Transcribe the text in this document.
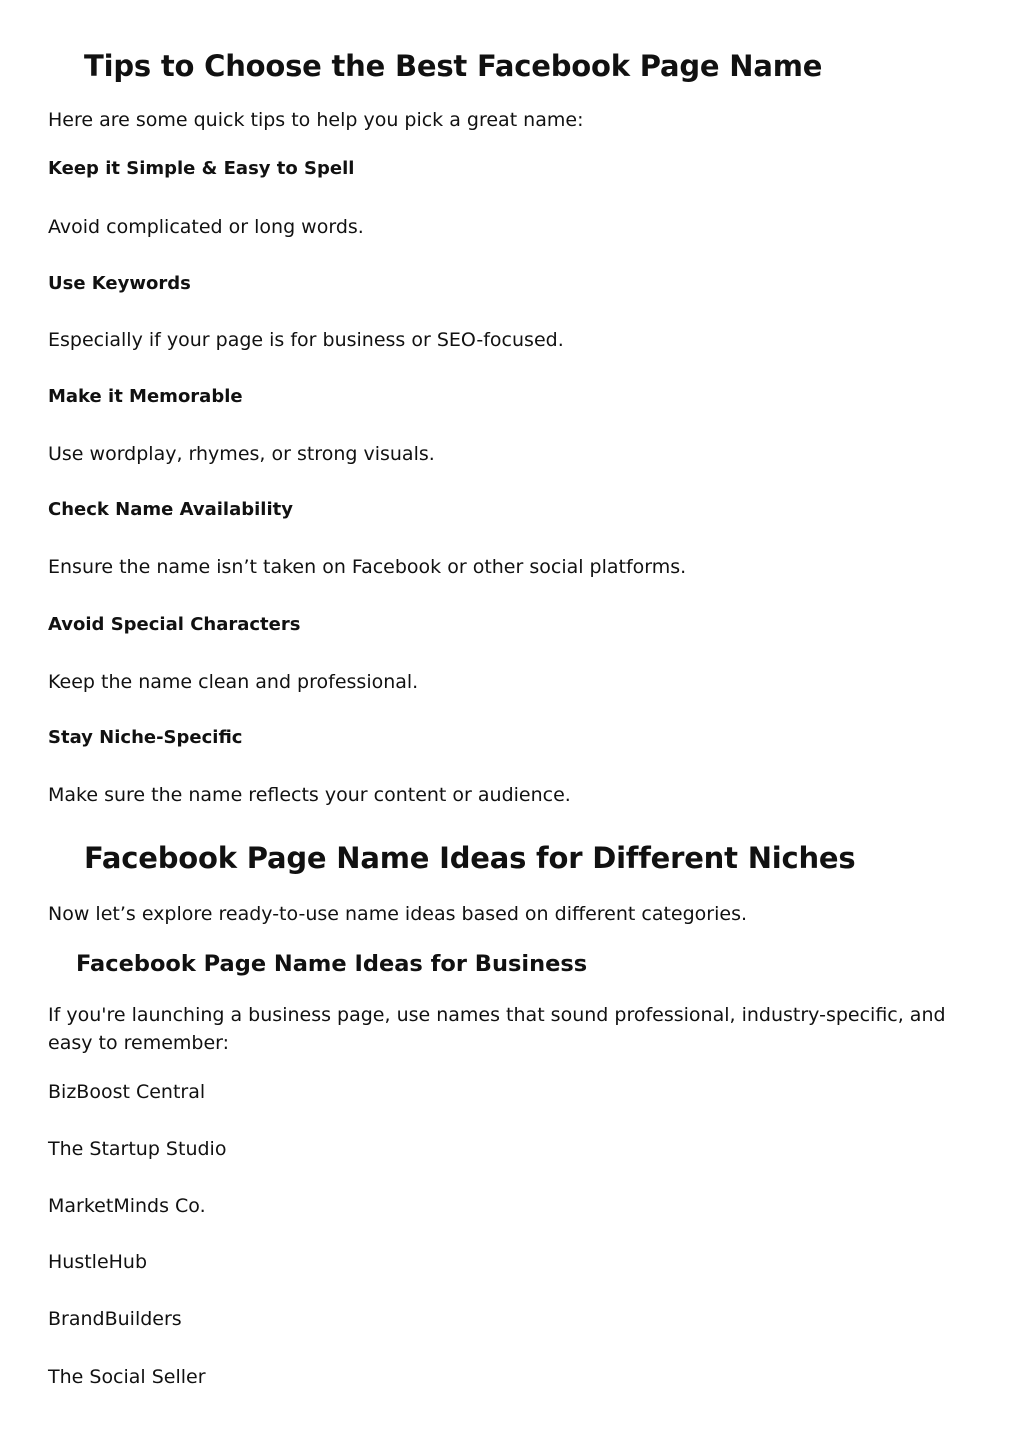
Tips to Choose the Best Facebook Page Name

Here are some quick tips to help you pick a great name:

Keep it Simple & Easy to Spell

Avoid complicated or long words.

Use Keywords

Especially if your page is for business or SEO-focused.

Make it Memorable

Use wordplay, rhymes, or strong visuals.

Check Name Availability

Ensure the name isn’t taken on Facebook or other social platforms.

Avoid Special Characters

Keep the name clean and professional.

Stay Niche-Specific

Make sure the name reflects your content or audience.

Facebook Page Name Ideas for Different Niches

Now let’s explore ready-to-use name ideas based on different categories.

Facebook Page Name Ideas for Business

If you're launching a business page, use names that sound professional, industry-specific, and easy to remember:

BizBoost Central

The Startup Studio

MarketMinds Co.

HustleHub

BrandBuilders

The Social Seller
